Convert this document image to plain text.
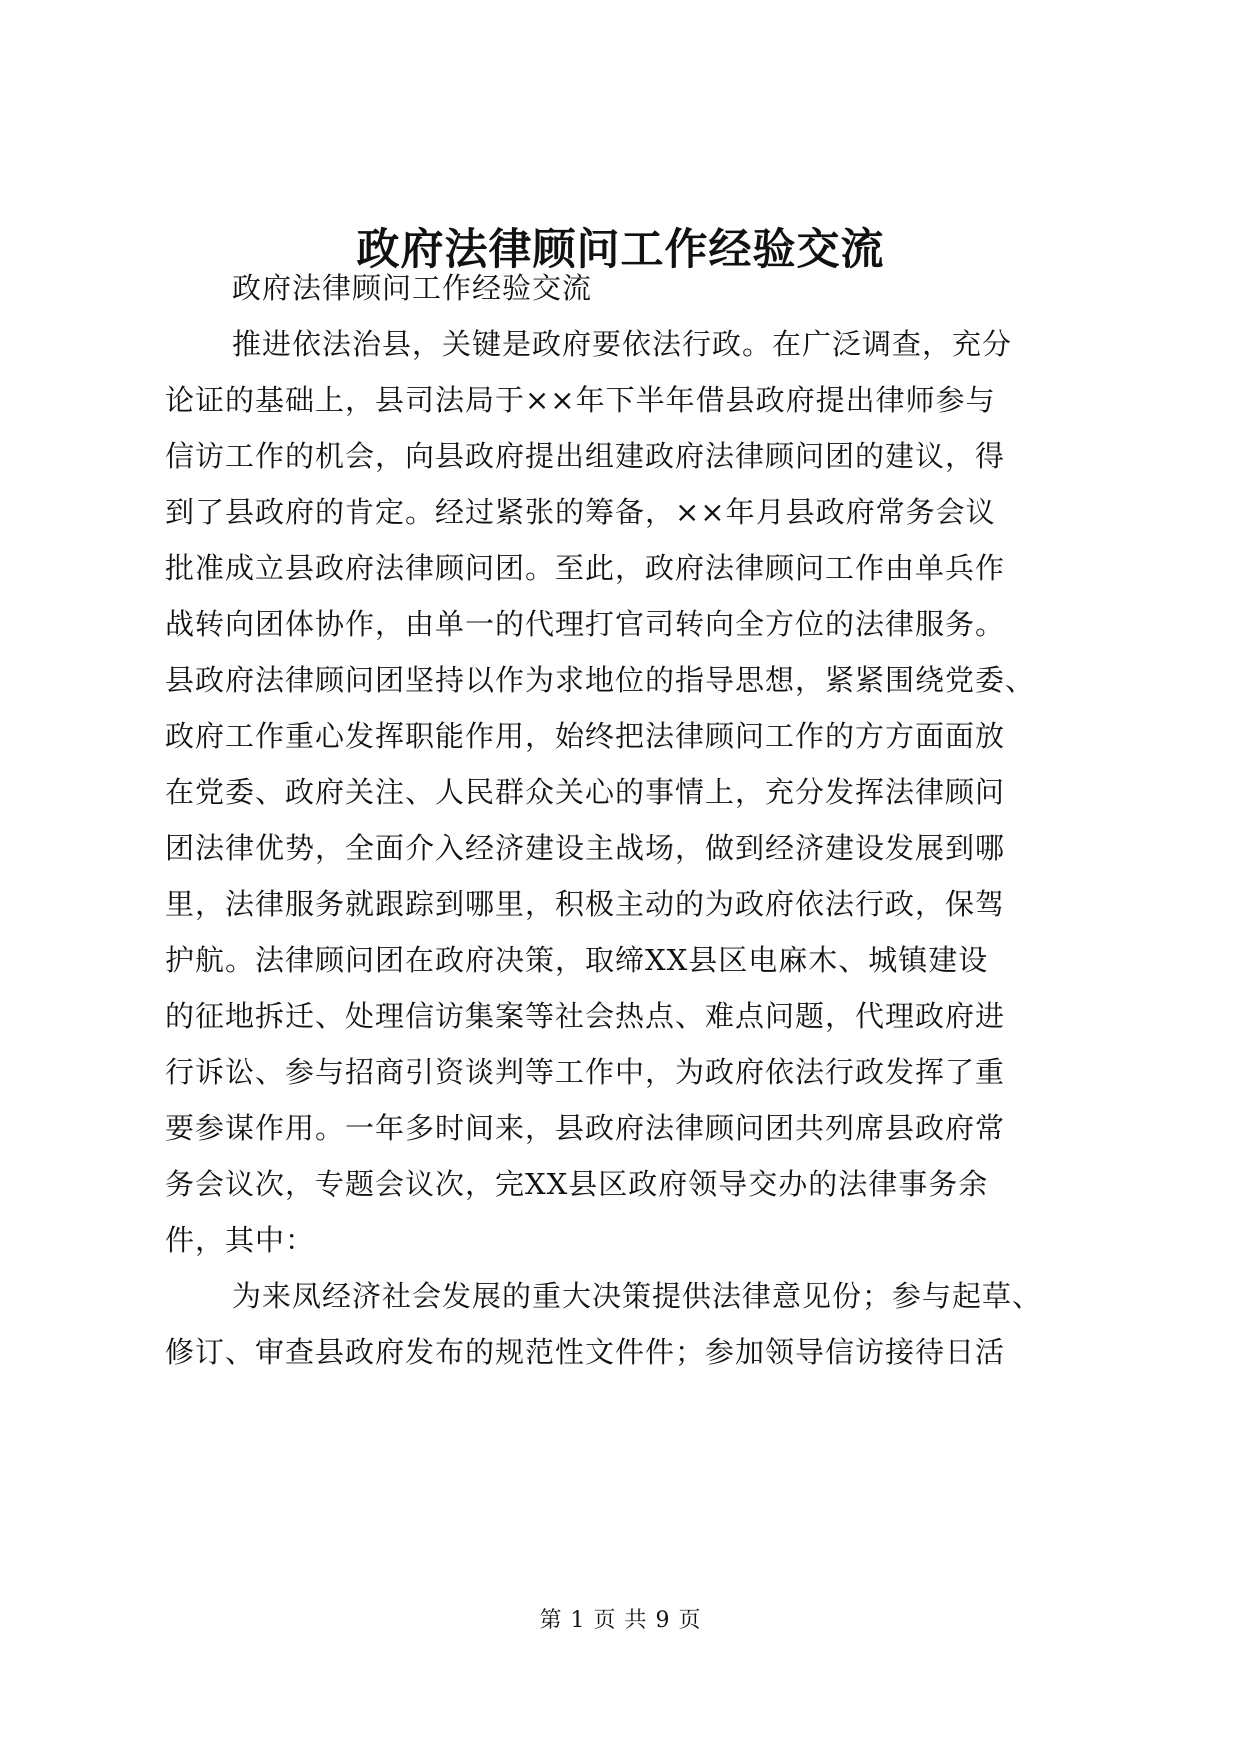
政府法律顾问工作经验交流
政府法律顾问工作经验交流
推进依法治县，关键是政府要依法行政。在广泛调查，充分
论证的基础上，县司法局于××年下半年借县政府提出律师参与
信访工作的机会，向县政府提出组建政府法律顾问团的建议，得
到了县政府的肯定。经过紧张的筹备，××年月县政府常务会议
批准成立县政府法律顾问团。至此，政府法律顾问工作由单兵作
战转向团体协作，由单一的代理打官司转向全方位的法律服务。
县政府法律顾问团坚持以作为求地位的指导思想，紧紧围绕党委、
政府工作重心发挥职能作用，始终把法律顾问工作的方方面面放
在党委、政府关注、人民群众关心的事情上，充分发挥法律顾问
团法律优势，全面介入经济建设主战场，做到经济建设发展到哪
里，法律服务就跟踪到哪里，积极主动的为政府依法行政，保驾
护航。法律顾问团在政府决策，取缔XX县区电麻木、城镇建设
的征地拆迁、处理信访集案等社会热点、难点问题，代理政府进
行诉讼、参与招商引资谈判等工作中，为政府依法行政发挥了重
要参谋作用。一年多时间来，县政府法律顾问团共列席县政府常
务会议次，专题会议次，完XX县区政府领导交办的法律事务余
件，其中：
为来凤经济社会发展的重大决策提供法律意见份；参与起草、
修订、审查县政府发布的规范性文件件；参加领导信访接待日活
第 1 页 共 9 页
